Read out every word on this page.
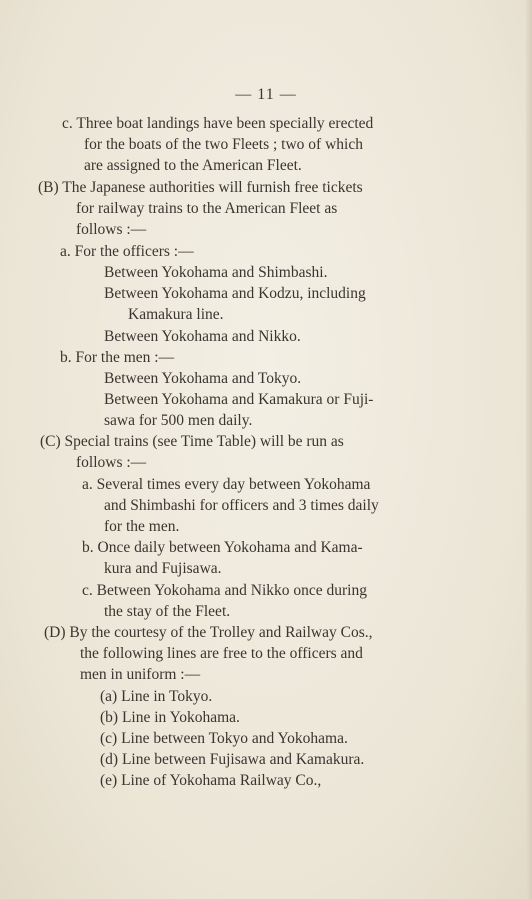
— 11 —
c. Three boat landings have been specially erected
for the boats of the two Fleets ; two of which
are assigned to the American Fleet.
(B) The Japanese authorities will furnish free tickets
for railway trains to the American Fleet as
follows :—
a. For the officers :—
Between Yokohama and Shimbashi.
Between Yokohama and Kodzu, including
Kamakura line.
Between Yokohama and Nikko.
b. For the men :—
Between Yokohama and Tokyo.
Between Yokohama and Kamakura or Fuji-
sawa for 500 men daily.
(C) Special trains (see Time Table) will be run as
follows :—
a. Several times every day between Yokohama
and Shimbashi for officers and 3 times daily
for the men.
b. Once daily between Yokohama and Kama-
kura and Fujisawa.
c. Between Yokohama and Nikko once during
the stay of the Fleet.
(D) By the courtesy of the Trolley and Railway Cos.,
the following lines are free to the officers and
men in uniform :—
(a) Line in Tokyo.
(b) Line in Yokohama.
(c) Line between Tokyo and Yokohama.
(d) Line between Fujisawa and Kamakura.
(e) Line of Yokohama Railway Co.,
